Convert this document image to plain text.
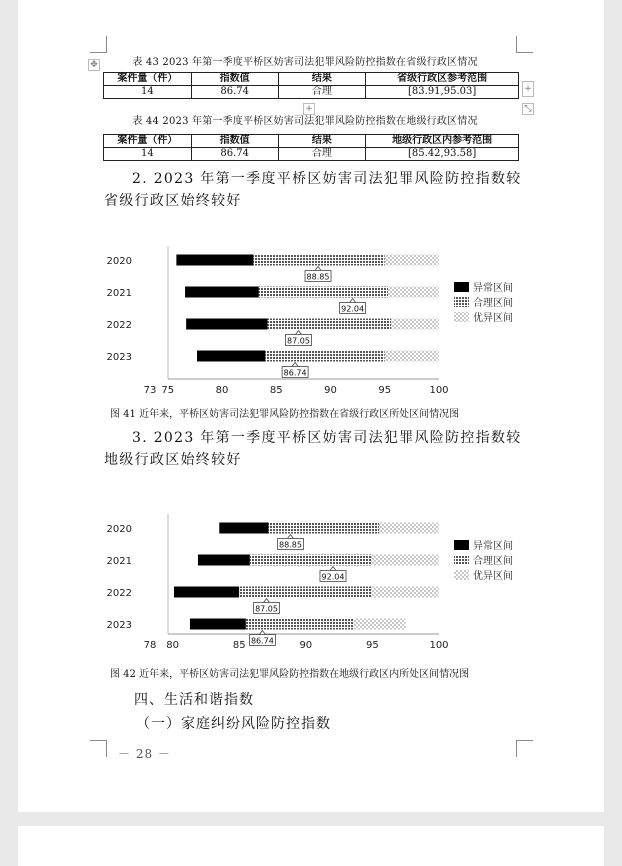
✥	表 43 2023 年第一季度平桥区妨害司法犯罪风险防控指数在省级行政区情况
案件量（件）	指数值	结果	省级行政区参考范围
14	86.74	合理	[83.91,95.03]	+
+	⤡
表 44 2023 年第一季度平桥区妨害司法犯罪风险防控指数在地级行政区情况
案件量（件）	指数值	结果	地级行政区内参考范围
14	86.74	合理	[85.42,93.58]
2. 2023 年第一季度平桥区妨害司法犯罪风险防控指数较省级行政区始终较好
73 75	80	85	90	95	100
2020
88.85
2021
92.04
2022
87.05
2023
86.74
异常区间
合理区间
优异区间
图 41 近年来，平桥区妨害司法犯罪风险防控指数在省级行政区所处区间情况图
3. 2023 年第一季度平桥区妨害司法犯罪风险防控指数较地级行政区始终较好
78 80	85	90	95	100
2020
88.85
2021
92.04
2022
87.05
2023
86.74
异常区间
合理区间
优异区间
图 42 近年来，平桥区妨害司法犯罪风险防控指数在地级行政区内所处区间情况图
四、生活和谐指数
（一）家庭纠纷风险防控指数
－ 28 －
